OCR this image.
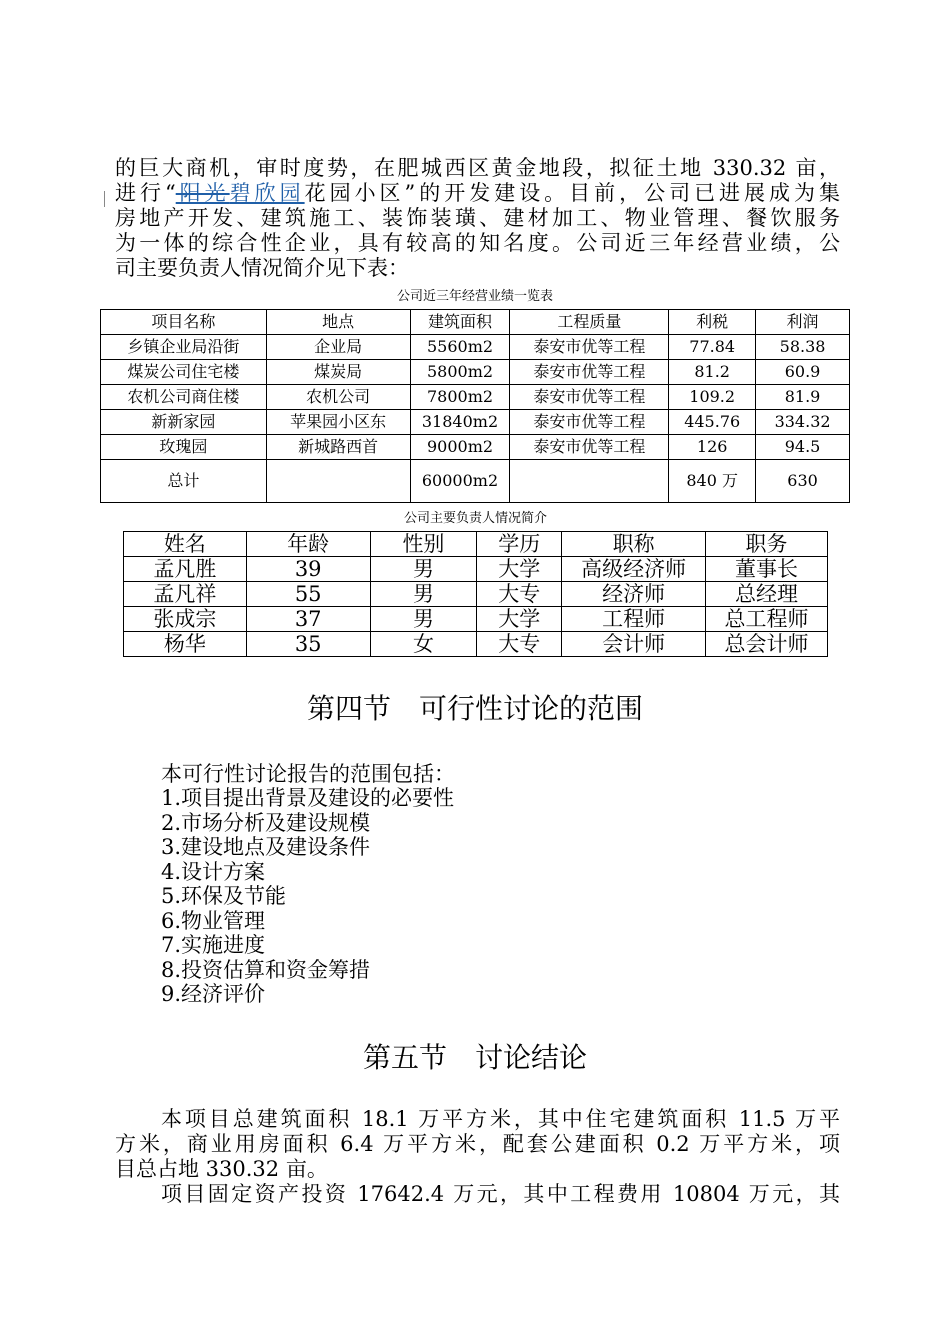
的巨大商机，审时度势，在肥城西区黄金地段，拟征土地 330.32 亩，
进行“阳光碧欣园花园小区”的开发建设。目前，公司已进展成为集
房地产开发、建筑施工、装饰装璜、建材加工、物业管理、餐饮服务
为一体的综合性企业，具有较高的知名度。公司近三年经营业绩，公
司主要负责人情况简介见下表：

公司近三年经营业绩一览表
项目名称	地点	建筑面积	工程质量	利税	利润
乡镇企业局沿街	企业局	5560m2	泰安市优等工程	77.84	58.38
煤炭公司住宅楼	煤炭局	5800m2	泰安市优等工程	81.2	60.9
农机公司商住楼	农机公司	7800m2	泰安市优等工程	109.2	81.9
新新家园	苹果园小区东	31840m2	泰安市优等工程	445.76	334.32
玫瑰园	新城路西首	9000m2	泰安市优等工程	126	94.5
总计		60000m2		840 万	630
公司主要负责人情况简介
姓名	年龄	性别	学历	职称	职务
孟凡胜	39	男	大学	高级经济师	董事长
孟凡祥	55	男	大专	经济师	总经理
张成宗	37	男	大学	工程师	总工程师
杨华	35	女	大专	会计师	总会计师
第四节　可行性讨论的范围

本可行性讨论报告的范围包括：

1.项目提出背景及建设的必要性
2.市场分析及建设规模
3.建设地点及建设条件
4.设计方案
5.环保及节能
6.物业管理
7.实施进度
8.投资估算和资金筹措
9.经济评价
第五节　讨论结论

本项目总建筑面积 18.1 万平方米，其中住宅建筑面积 11.5 万平
方米，商业用房面积 6.4 万平方米，配套公建面积 0.2 万平方米，项
目总占地 330.32 亩。

项目固定资产投资 17642.4 万元，其中工程费用 10804 万元，其
